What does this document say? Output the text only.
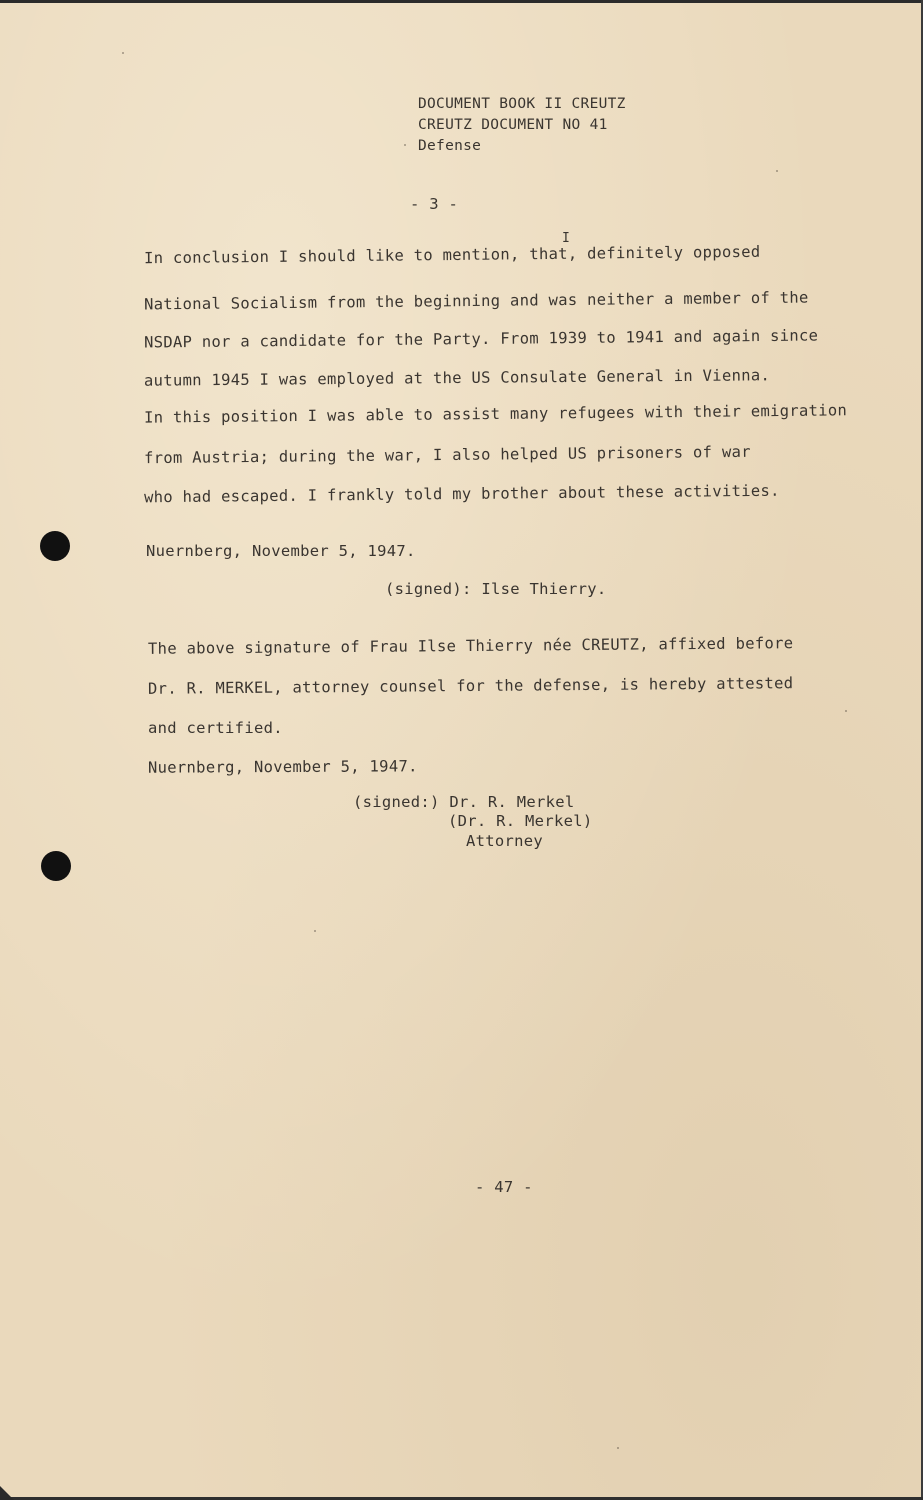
DOCUMENT BOOK II CREUTZ
CREUTZ DOCUMENT NO 41
Defense
- 3 -
I
In conclusion I should like to mention, that, definitely opposed
National Socialism from the beginning and was neither a member of the
NSDAP nor a candidate for the Party. From 1939 to 1941 and again since
autumn 1945 I was employed at the US Consulate General in Vienna.
In this position I was able to assist many refugees with their emigration
from Austria; during the war, I also helped US prisoners of war
who had escaped. I frankly told my brother about these activities.
Nuernberg, November 5, 1947.
(signed): Ilse Thierry.
The above signature of Frau Ilse Thierry née CREUTZ, affixed before
Dr. R. MERKEL, attorney counsel for the defense, is hereby attested
and certified.
Nuernberg, November 5, 1947.
(signed:) Dr. R. Merkel
(Dr. R. Merkel)
Attorney
- 47 -
